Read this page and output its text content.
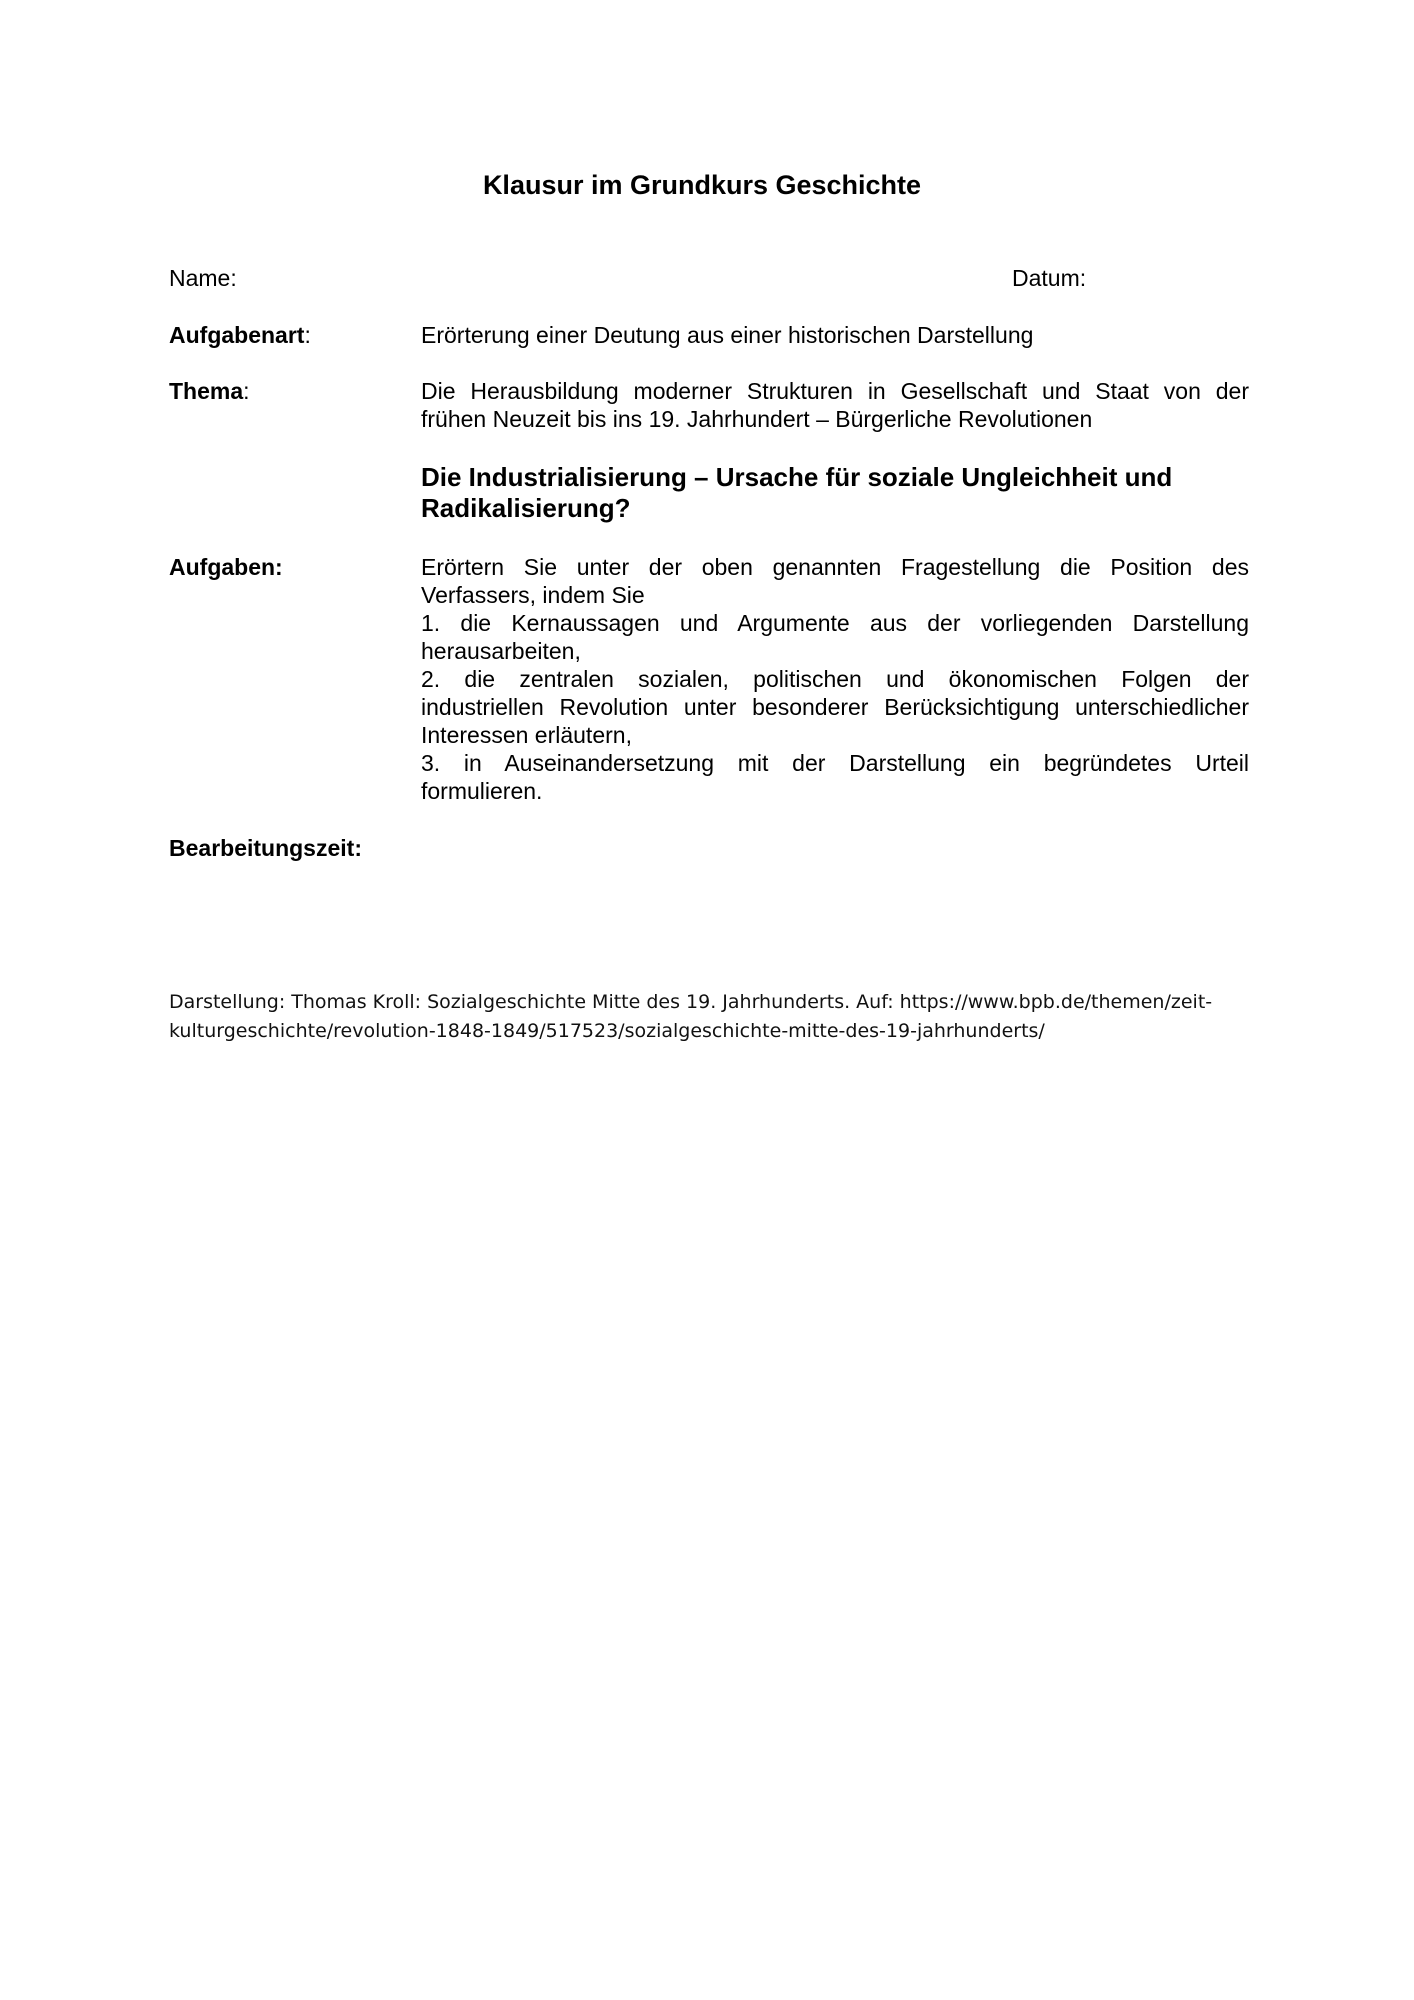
Klausur im Grundkurs Geschichte
Name:	Datum:
Aufgabenart:	Erörterung einer Deutung aus einer historischen Darstellung
Thema:	Die Herausbildung moderner Strukturen in Gesellschaft und Staat von der
frühen Neuzeit bis ins 19. Jahrhundert – Bürgerliche Revolutionen
Die Industrialisierung – Ursache für soziale Ungleichheit und
Radikalisierung?
Aufgaben:	Erörtern Sie unter der oben genannten Fragestellung die Position des
Verfassers, indem Sie
1. die Kernaussagen und Argumente aus der vorliegenden Darstellung
herausarbeiten,
2. die zentralen sozialen, politischen und ökonomischen Folgen der
industriellen Revolution unter besonderer Berücksichtigung unterschiedlicher
Interessen erläutern,
3. in Auseinandersetzung mit der Darstellung ein begründetes Urteil
formulieren.
Bearbeitungszeit:
Darstellung: Thomas Kroll: Sozialgeschichte Mitte des 19. Jahrhunderts. Auf: https://www.bpb.de/themen/zeit-
kulturgeschichte/revolution-1848-1849/517523/sozialgeschichte-mitte-des-19-jahrhunderts/
